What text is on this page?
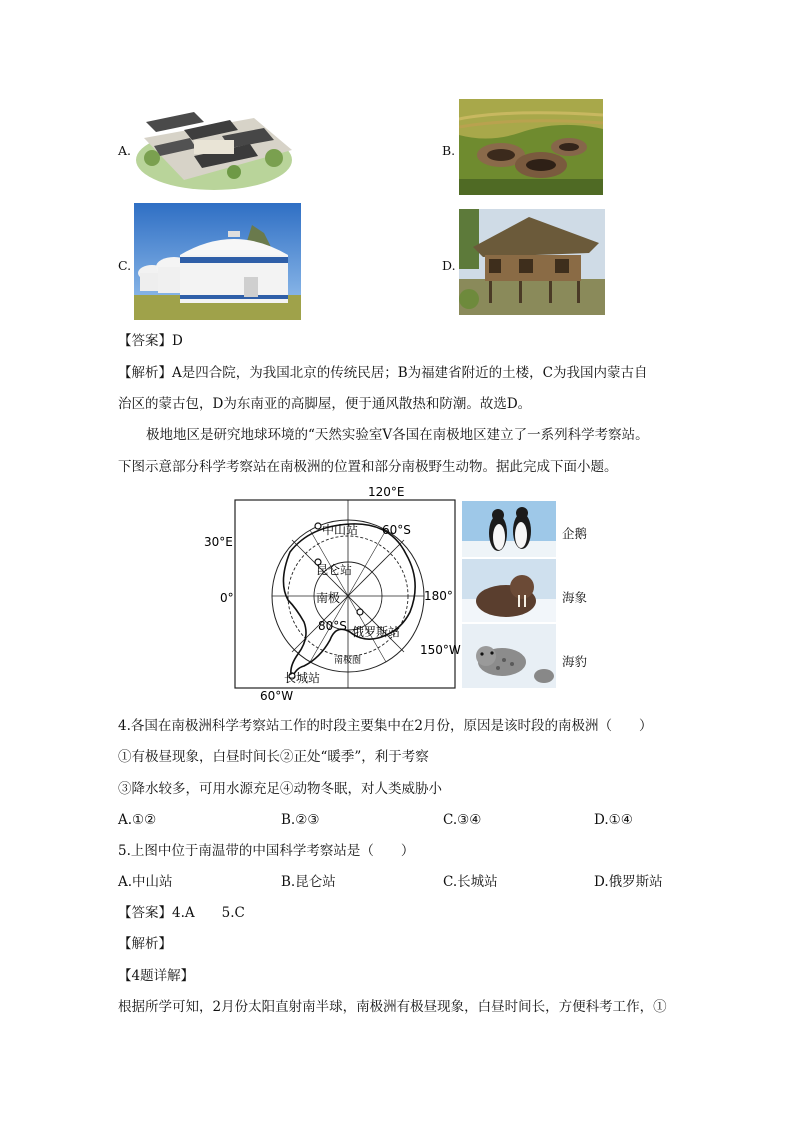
A.	B.
C.	D.
【答案】D
【解析】A是四合院，为我国北京的传统民居；B为福建省附近的土楼，C为我国内蒙古自
治区的蒙古包，D为东南亚的高脚屋，便于通风散热和防潮。故选D。
极地地区是研究地球环境的“天然实验室V各国在南极地区建立了一系列科学考察站。
下图示意部分科学考察站在南极洲的位置和部分南极野生动物。据此完成下面小题。
120°E
30°E
0°	180°
150°W
60°W
60°S
80°S
中山站
昆仑站
南极
俄罗斯站
南极圈
长城站
企鹅
海象
海豹
4.各国在南极洲科学考察站工作的时段主要集中在2月份，原因是该时段的南极洲（　　）
①有极昼现象，白昼时间长②正处“暖季”，利于考察
③降水较多，可用水源充足④动物冬眠，对人类威胁小
A.①②	B.②③	C.③④	D.①④
5.上图中位于南温带的中国科学考察站是（　　）
A.中山站	B.昆仑站	C.长城站	D.俄罗斯站
【答案】4.A　　5.C
【解析】
【4题详解】
根据所学可知，2月份太阳直射南半球，南极洲有极昼现象，白昼时间长，方便科考工作，①
